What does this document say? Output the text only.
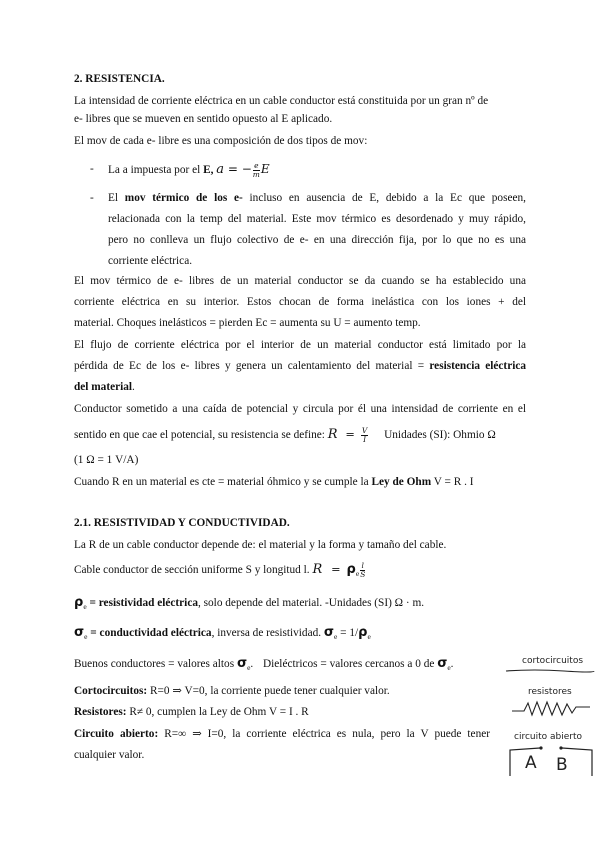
2. RESISTENCIA.
La intensidad de corriente eléctrica en un cable conductor está constituida por un gran nº de
e- libres que se mueven en sentido opuesto al E aplicado.
El mov de cada e- libre es una composición de dos tipos de mov:
- La a impuesta por el E, a = − $\frac{e}{m}$ E
- El mov térmico de los e- incluso en ausencia de E, debido a la Ec que poseen,
relacionada con la temp del material. Este mov térmico es desordenado y muy rápido,
pero no conlleva un flujo colectivo de e- en una dirección fija, por lo que no es una
corriente eléctrica.
El mov térmico de e- libres de un material conductor se da cuando se ha establecido una
corriente eléctrica en su interior. Estos chocan de forma inelástica con los iones + del
material. Choques inelásticos = pierden Ec = aumenta su U = aumento temp.
El flujo de corriente eléctrica por el interior de un material conductor está limitado por la
pérdida de Ec de los e- libres y genera un calentamiento del material = resistencia eléctrica
del material.
Conductor sometido a una caída de potencial y circula por él una intensidad de corriente en el
sentido en que cae el potencial, su resistencia se define: $R = \frac{V}{I}$ Unidades (SI): Ohmio Ω
(1 Ω = 1 V/A)
Cuando R en un material es cte = material óhmico y se cumple la Ley de Ohm V = R . I
2.1. RESISTIVIDAD Y CONDUCTIVIDAD.
La R de un cable conductor depende de: el material y la forma y tamaño del cable.
Cable conductor de sección uniforme S y longitud l. $R = \rho_e \frac{l}{S}$
$\rho_e$ = resistividad eléctrica, solo depende del material. -Unidades (SI) Ω · m.
$\sigma_e$ = conductividad eléctrica, inversa de resistividad. $\sigma_e = 1/\rho_e$
Buenos conductores = valores altos $\sigma_e$. Dieléctricos = valores cercanos a 0 de $\sigma_e$.
Cortocircuitos: R=0 ⇒ V=0, la corriente puede tener cualquier valor.
Resistores: R≠ 0, cumplen la Ley de Ohm V = I . R
Circuito abierto: R=∞ ⇒ I=0, la corriente eléctrica es nula, pero la V puede tener
cualquier valor.
cortocircuitos
resistores
circuito abierto
A B
